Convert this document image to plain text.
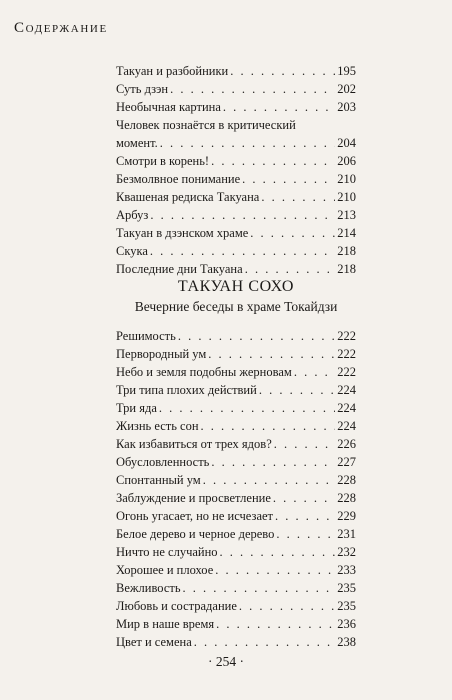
Содержание
Такуан и разбойники . . .	195
Суть дзэн . . .	202
Необычная картина . . .	203
Человек познаётся в критический
момент. . . .	204
Смотри в корень! . . .	206
Безмолвное понимание . . .	210
Квашеная редиска Такуана . . .	210
Арбуз . . .	213
Такуан в дзэнском храме . . .	214
Скука . . .	218
Последние дни Такуана . . .	218
ТАКУАН СОХО
Вечерние беседы в храме Токайдзи
Решимость . . .	222
Первородный ум . . .	222
Небо и земля подобны жерновам . . .	222
Три типа плохих действий . . .	224
Три яда . . .	224
Жизнь есть сон . . .	224
Как избавиться от трех ядов? . . .	226
Обусловленность . . .	227
Спонтанный ум . . .	228
Заблуждение и просветление . . .	228
Огонь угасает, но не исчезает . . .	229
Белое дерево и черное дерево . . .	231
Ничто не случайно . . .	232
Хорошее и плохое . . .	233
Вежливость . . .	235
Любовь и сострадание . . .	235
Мир в наше время . . .	236
Цвет и семена . . .	238
· 254 ·
